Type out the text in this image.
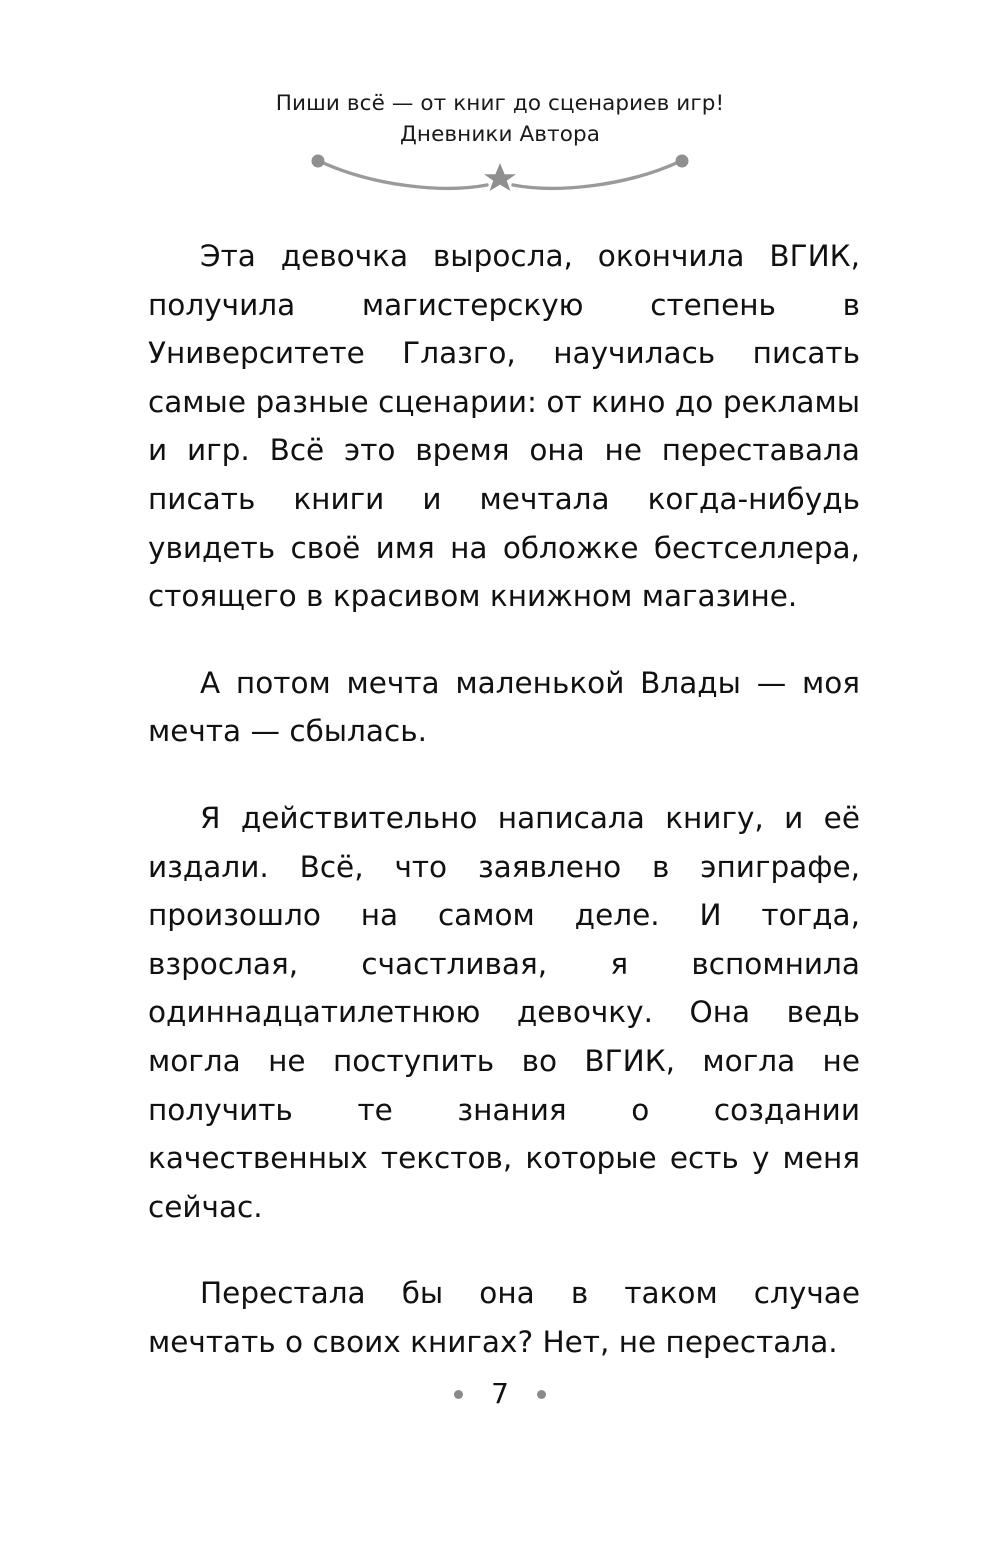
Пиши всё — от книг до сценариев игр!
Дневники Автора

Эта девочка выросла, окончила ВГИК, получила магистерскую степень в Университете Глазго, научилась писать самые разные сценарии: от кино до рекламы и игр. Всё это время она не переставала писать книги и мечтала когда-нибудь увидеть своё имя на обложке бестселлера, стоящего в красивом книжном магазине.

А потом мечта маленькой Влады — моя мечта — сбылась.

Я действительно написала книгу, и её издали. Всё, что заявлено в эпиграфе, произошло на самом деле. И тогда, взрослая, счастливая, я вспомнила одиннадцатилетнюю девочку. Она ведь могла не поступить во ВГИК, могла не получить те знания о создании качественных текстов, которые есть у меня сейчас.

Перестала бы она в таком случае мечтать о своих книгах? Нет, не перестала.

7
